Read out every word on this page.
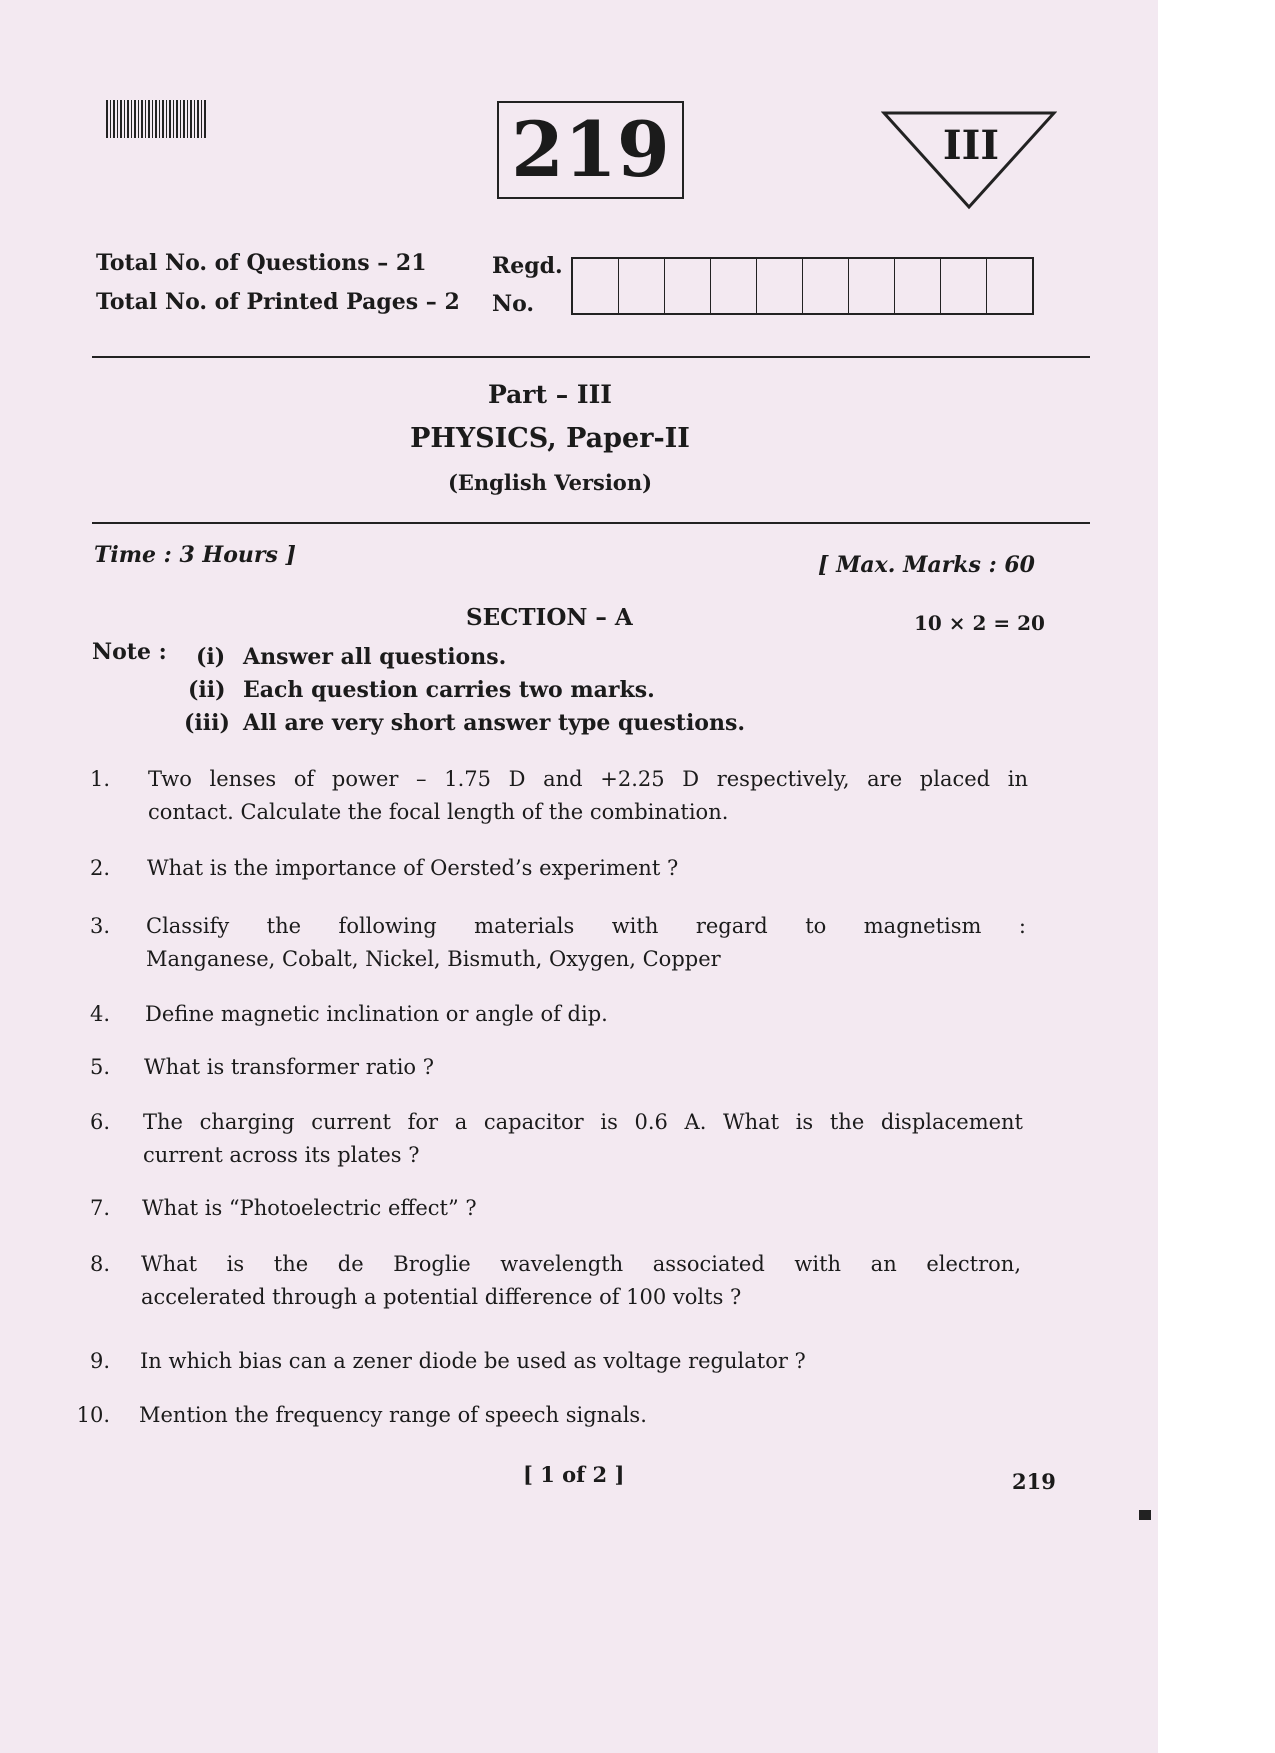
219	III
Total No. of Questions – 21
Total No. of Printed Pages – 2
Regd.
No.
Part – III
PHYSICS, Paper-II
(English Version)
Time : 3 Hours ]	[ Max. Marks : 60
SECTION – A	10 × 2 = 20
Note : (i) Answer all questions.
(ii) Each question carries two marks.
(iii) All are very short answer type questions.
1. Two lenses of power – 1.75 D and +2.25 D respectively, are placed in
contact. Calculate the focal length of the combination.
2. What is the importance of Oersted’s experiment ?
3. Classify the following materials with regard to magnetism :
Manganese, Cobalt, Nickel, Bismuth, Oxygen, Copper
4. Define magnetic inclination or angle of dip.
5. What is transformer ratio ?
6. The charging current for a capacitor is 0.6 A. What is the displacement
current across its plates ?
7. What is “Photoelectric effect” ?
8. What is the de Broglie wavelength associated with an electron,
accelerated through a potential difference of 100 volts ?
9. In which bias can a zener diode be used as voltage regulator ?
10. Mention the frequency range of speech signals.
[ 1 of 2 ]	219
